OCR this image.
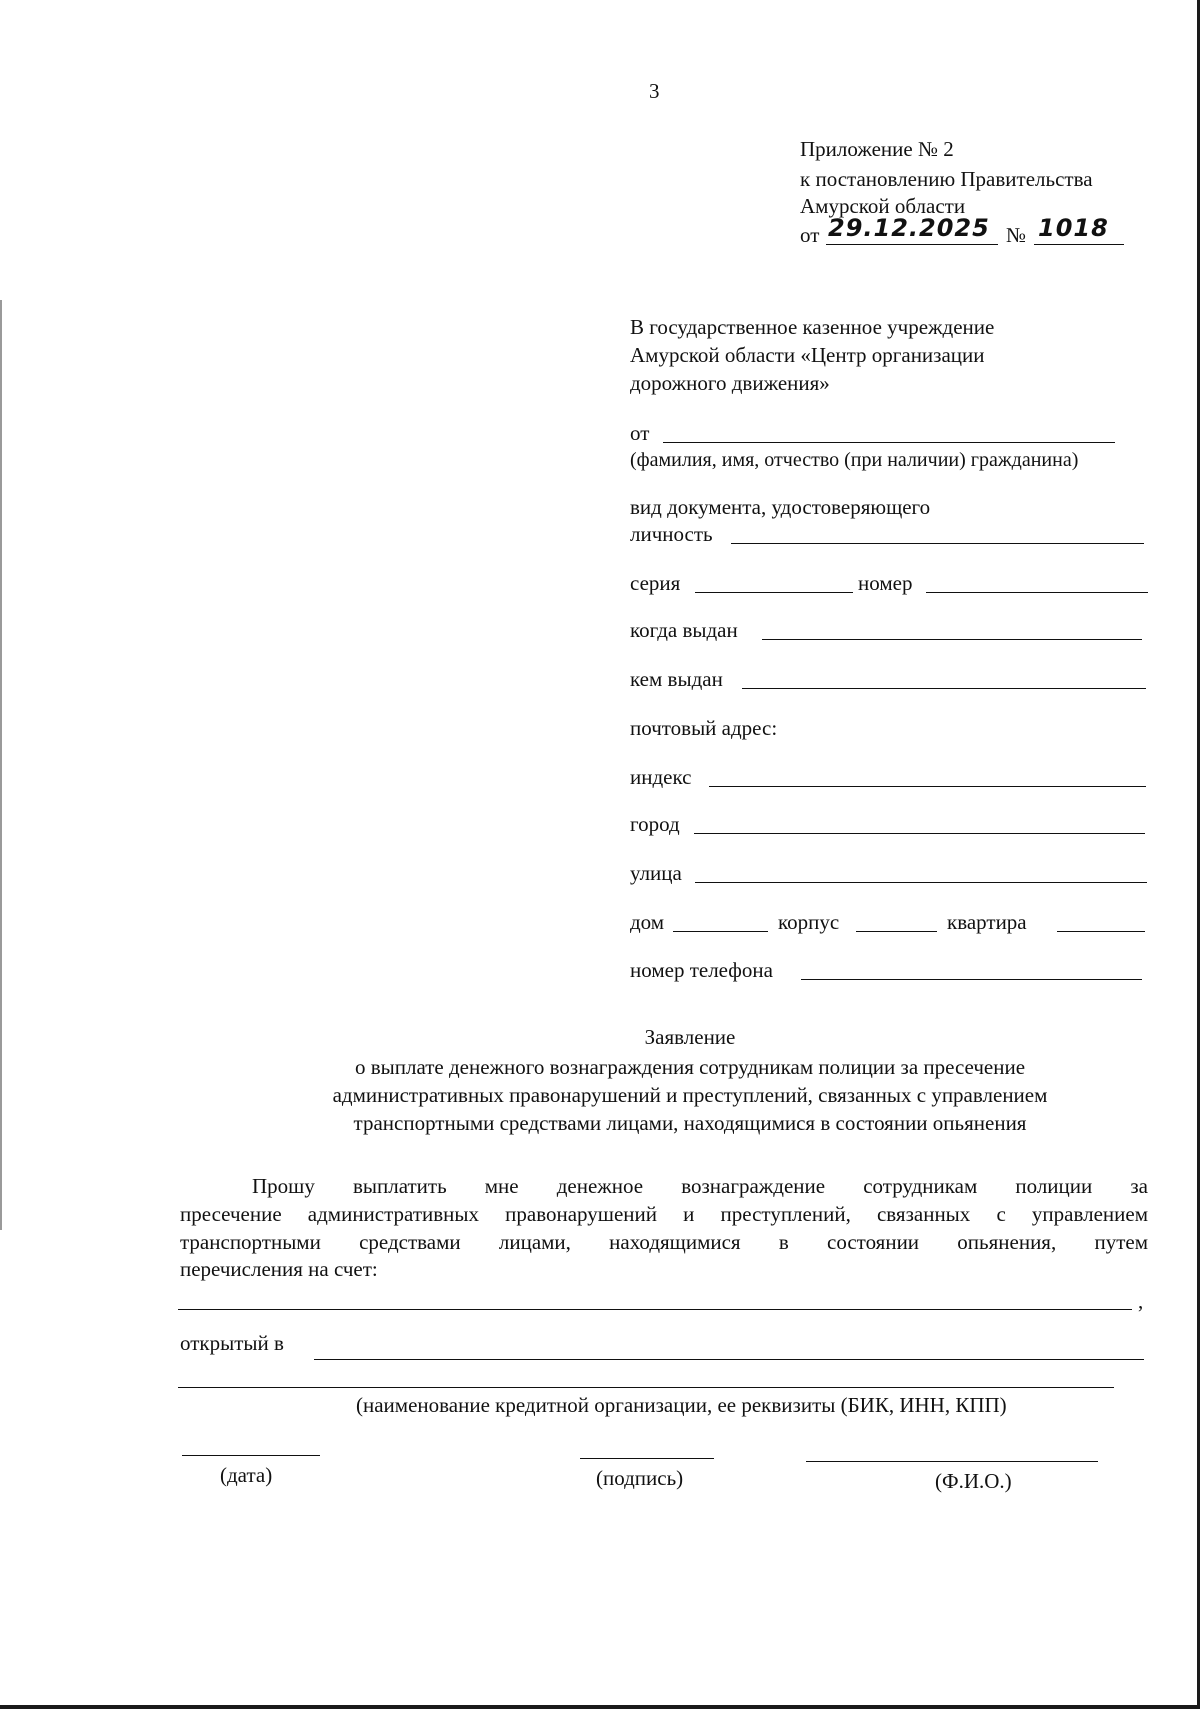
3
Приложение № 2
к постановлению Правительства
Амурской области
от 29.12.2025 № 1018
В государственное казенное учреждение
Амурской области «Центр организации
дорожного движения»
от
(фамилия, имя, отчество (при наличии) гражданина)
вид документа, удостоверяющего
личность
серия	номер
когда выдан
кем выдан
почтовый адрес:
индекс
город
улица
дом	корпус	квартира
номер телефона
Заявление
о выплате денежного вознаграждения сотрудникам полиции за пресечение
административных правонарушений и преступлений, связанных с управлением
транспортными средствами лицами, находящимися в состоянии опьянения
Прошу выплатить мне денежное вознаграждение сотрудникам полиции за
пресечение административных правонарушений и преступлений, связанных с управлением
транспортными средствами лицами, находящимися в состоянии опьянения, путем
перечисления на счет:
,
открытый в
(наименование кредитной организации, ее реквизиты (БИК, ИНН, КПП)
(дата)	(подпись)	(Ф.И.О.)
